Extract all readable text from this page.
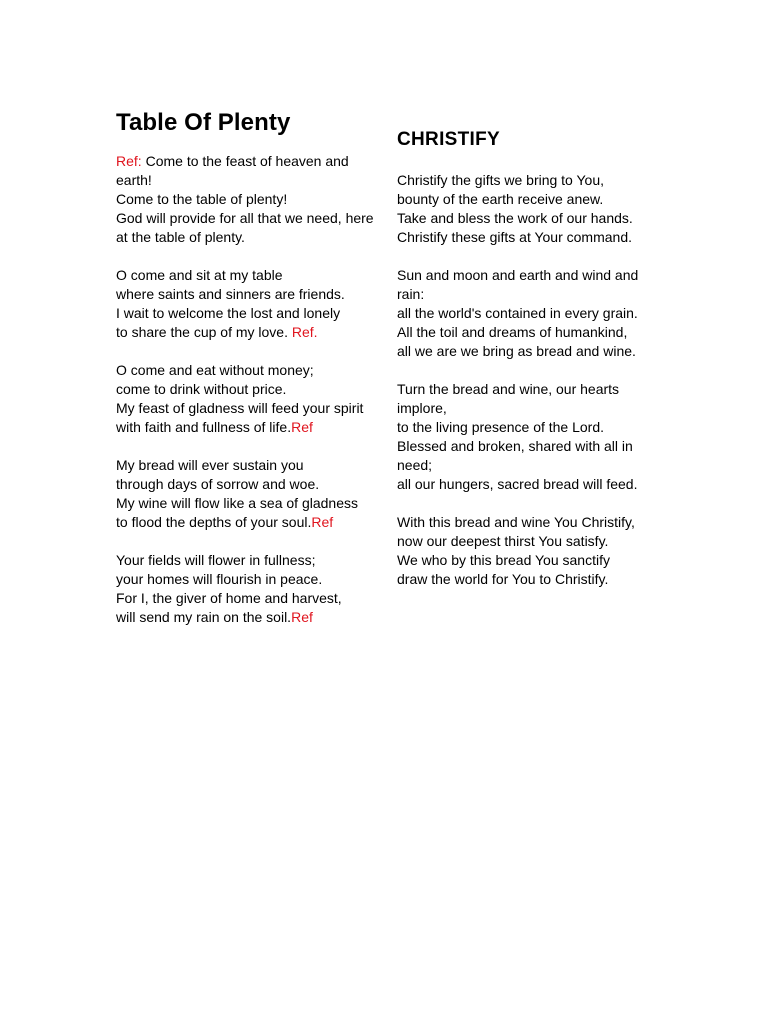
Table Of Plenty
Ref: Come to the feast of heaven and earth!
Come to the table of plenty!
God will provide for all that we need, here at the table of plenty.
O come and sit at my table
where saints and sinners are friends.
I wait to welcome the lost and lonely
to share the cup of my love. Ref.
O come and eat without money;
come to drink without price.
My feast of gladness will feed your spirit
with faith and fullness of life.Ref
My bread will ever sustain you
through days of sorrow and woe.
My wine will flow like a sea of gladness
to flood the depths of your soul.Ref
Your fields will flower in fullness;
your homes will flourish in peace.
For I, the giver of home and harvest,
will send my rain on the soil.Ref
CHRISTIFY
Christify the gifts we bring to You,
bounty of the earth receive anew.
Take and bless the work of our hands.
Christify these gifts at Your command.
Sun and moon and earth and wind and rain:
all the world's contained in every grain.
All the toil and dreams of humankind,
all we are we bring as bread and wine.
Turn the bread and wine, our hearts implore,
to the living presence of the Lord.
Blessed and broken, shared with all in need;
all our hungers, sacred bread will feed.
With this bread and wine You Christify,
now our deepest thirst You satisfy.
We who by this bread You sanctify
draw the world for You to Christify.
